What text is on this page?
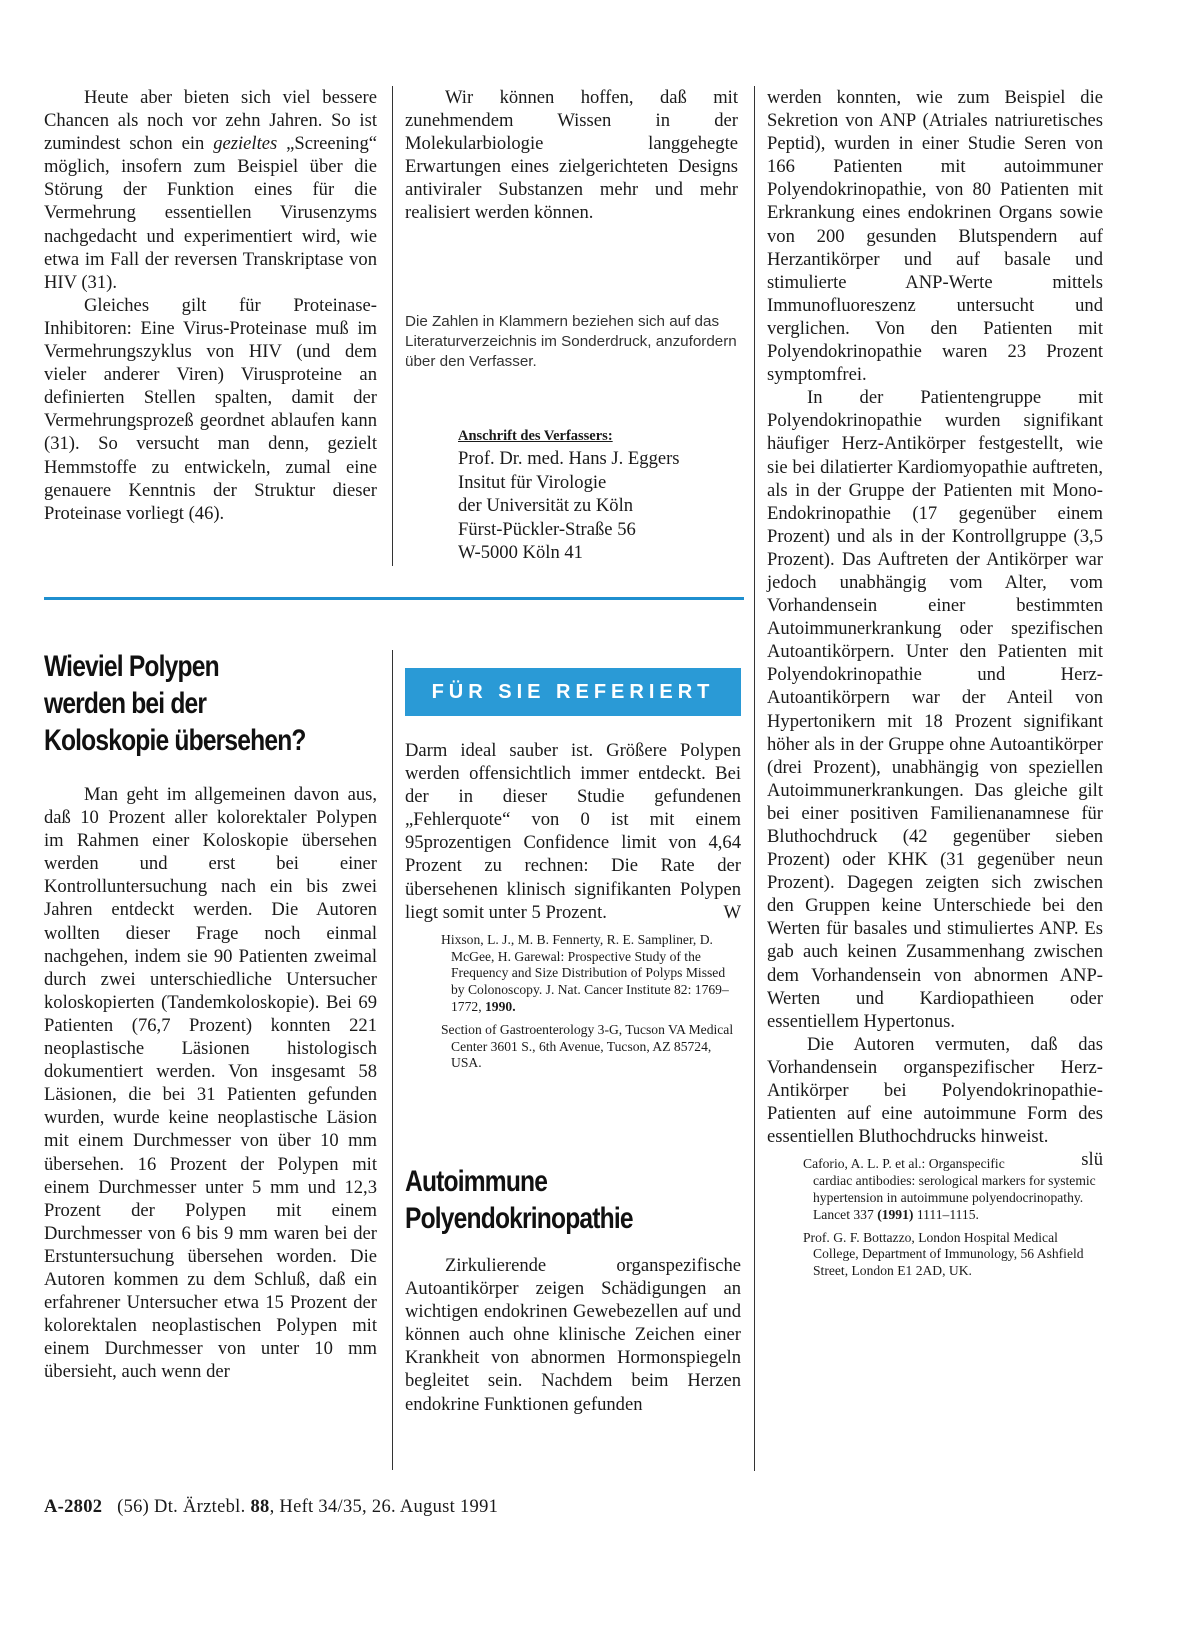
Heute aber bieten sich viel bessere Chancen als noch vor zehn Jahren. So ist zumindest schon ein gezieltes „Screening“ möglich, insofern zum Beispiel über die Störung der Funktion eines für die Vermehrung essentiellen Virusenzyms nachgedacht und experimentiert wird, wie etwa im Fall der reversen Transkriptase von HIV (31).

Gleiches gilt für Proteinase-Inhibitoren: Eine Virus-Proteinase muß im Vermehrungszyklus von HIV (und dem vieler anderer Viren) Virusproteine an definierten Stellen spalten, damit der Vermehrungsprozeß geordnet ablaufen kann (31). So versucht man denn, gezielt Hemmstoffe zu entwickeln, zumal eine genauere Kenntnis der Struktur dieser Proteinase vorliegt (46).

Wir können hoffen, daß mit zunehmendem Wissen in der Molekularbiologie langgehegte Erwartungen eines zielgerichteten Designs antiviraler Substanzen mehr und mehr realisiert werden können.

Die Zahlen in Klammern beziehen sich auf das Literaturverzeichnis im Sonderdruck, anzufordern über den Verfasser.
Anschrift des Verfassers:
Prof. Dr. med. Hans J. Eggers
Insitut für Virologie
der Universität zu Köln
Fürst-Pückler-Straße 56
W-5000 Köln 41
Wieviel Polypen
werden bei der
Koloskopie übersehen?

Man geht im allgemeinen davon aus, daß 10 Prozent aller kolorektaler Polypen im Rahmen einer Koloskopie übersehen werden und erst bei einer Kontrolluntersuchung nach ein bis zwei Jahren entdeckt werden. Die Autoren wollten dieser Frage noch einmal nachgehen, indem sie 90 Patienten zweimal durch zwei unterschiedliche Untersucher koloskopierten (Tandemkoloskopie). Bei 69 Patienten (76,7 Prozent) konnten 221 neoplastische Läsionen histologisch dokumentiert werden. Von insgesamt 58 Läsionen, die bei 31 Patienten gefunden wurden, wurde keine neoplastische Läsion mit einem Durchmesser von über 10 mm übersehen. 16 Prozent der Polypen mit einem Durchmesser unter 5 mm und 12,3 Prozent der Polypen mit einem Durchmesser von 6 bis 9 mm waren bei der Erstuntersuchung übersehen worden. Die Autoren kommen zu dem Schluß, daß ein erfahrener Untersucher etwa 15 Prozent der kolorektalen neoplastischen Polypen mit einem Durchmesser von unter 10 mm übersieht, auch wenn der

FÜR SIE REFERIERT

Darm ideal sauber ist. Größere Polypen werden offensichtlich immer entdeckt. Bei der in dieser Studie gefundenen „Fehlerquote“ von 0 ist mit einem 95prozentigen Confidence limit von 4,64 Prozent zu rechnen: Die Rate der übersehenen klinisch signifikanten Polypen liegt somit unter 5 Prozent.	W

Hixson, L. J., M. B. Fennerty, R. E. Sampliner, D. McGee, H. Garewal: Prospective Study of the Frequency and Size Distribution of Polyps Missed by Colonoscopy. J. Nat. Cancer Institute 82: 1769–1772, 1990.
Section of Gastroenterology 3-G, Tucson VA Medical Center 3601 S., 6th Avenue, Tucson, AZ 85724, USA.
Autoimmune
Polyendokrinopathie

Zirkulierende organspezifische Autoantikörper zeigen Schädigungen an wichtigen endokrinen Gewebezellen auf und können auch ohne klinische Zeichen einer Krankheit von abnormen Hormonspiegeln begleitet sein. Nachdem beim Herzen endokrine Funktionen gefunden

werden konnten, wie zum Beispiel die Sekretion von ANP (Atriales natriuretisches Peptid), wurden in einer Studie Seren von 166 Patienten mit autoimmuner Polyendokrinopathie, von 80 Patienten mit Erkrankung eines endokrinen Organs sowie von 200 gesunden Blutspendern auf Herzantikörper und auf basale und stimulierte ANP-Werte mittels Immunofluoreszenz untersucht und verglichen. Von den Patienten mit Polyendokrinopathie waren 23 Prozent symptomfrei.

In der Patientengruppe mit Polyendokrinopathie wurden signifikant häufiger Herz-Antikörper festgestellt, wie sie bei dilatierter Kardiomyopathie auftreten, als in der Gruppe der Patienten mit Mono-Endokrinopathie (17 gegenüber einem Prozent) und als in der Kontrollgruppe (3,5 Prozent). Das Auftreten der Antikörper war jedoch unabhängig vom Alter, vom Vorhandensein einer bestimmten Autoimmunerkrankung oder spezifischen Autoantikörpern. Unter den Patienten mit Polyendokrinopathie und Herz-Autoantikörpern war der Anteil von Hypertonikern mit 18 Prozent signifikant höher als in der Gruppe ohne Autoantikörper (drei Prozent), unabhängig von speziellen Autoimmunerkrankungen. Das gleiche gilt bei einer positiven Familienanamnese für Bluthochdruck (42 gegenüber sieben Prozent) oder KHK (31 gegenüber neun Prozent). Dagegen zeigten sich zwischen den Gruppen keine Unterschiede bei den Werten für basales und stimuliertes ANP. Es gab auch keinen Zusammenhang zwischen dem Vorhandensein von abnormen ANP-Werten und Kardiopathieen oder essentiellem Hypertonus.

Die Autoren vermuten, daß das Vorhandensein organspezifischer Herz-Antikörper bei Polyendokrinopathie-Patienten auf eine autoimmune Form des essentiellen Bluthochdrucks hinweist.
slü

Caforio, A. L. P. et al.: Organspecific cardiac antibodies: serological markers for systemic hypertension in autoimmune polyendocrinopathy. Lancet 337 (1991) 1111–1115.
Prof. G. F. Bottazzo, London Hospital Medical College, Department of Immunology, 56 Ashfield Street, London E1 2AD, UK.
A-2802 (56) Dt. Ärztebl. 88, Heft 34/35, 26. August 1991
